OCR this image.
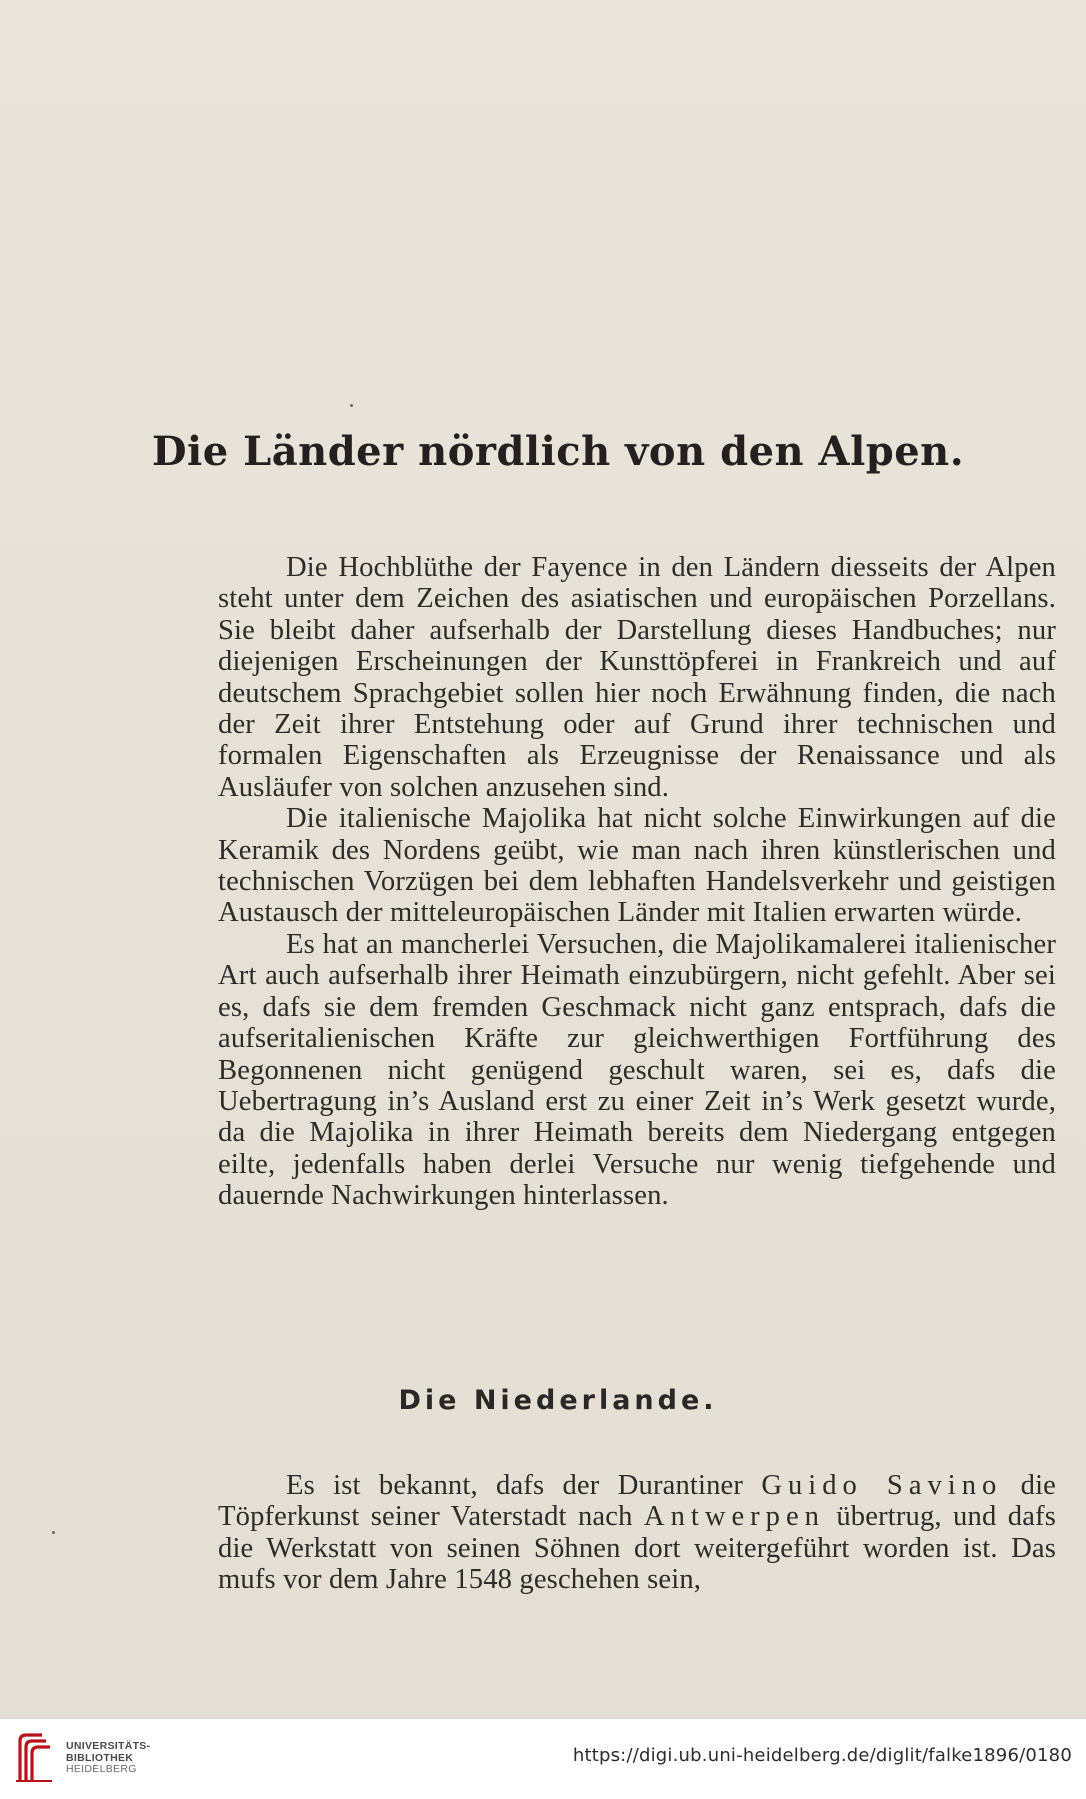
Die Länder nördlich von den Alpen.

Die Hochblüthe der Fayence in den Ländern diesseits der Alpen steht unter dem Zeichen des asiatischen und europäischen Porzellans. Sie bleibt daher aufserhalb der Darstellung dieses Handbuches; nur diejenigen Erscheinungen der Kunsttöpferei in Frankreich und auf deutschem Sprachgebiet sollen hier noch Erwähnung finden, die nach der Zeit ihrer Entstehung oder auf Grund ihrer technischen und formalen Eigenschaften als Erzeugnisse der Renaissance und als Ausläufer von solchen anzusehen sind.

Die italienische Majolika hat nicht solche Einwirkungen auf die Keramik des Nordens geübt, wie man nach ihren künstlerischen und technischen Vorzügen bei dem lebhaften Handelsverkehr und geistigen Austausch der mitteleuropäischen Länder mit Italien erwarten würde.

Es hat an mancherlei Versuchen, die Majolikamalerei italienischer Art auch aufserhalb ihrer Heimath einzubürgern, nicht gefehlt. Aber sei es, dafs sie dem fremden Geschmack nicht ganz entsprach, dafs die aufseritalienischen Kräfte zur gleichwerthigen Fortführung des Begonnenen nicht genügend geschult waren, sei es, dafs die Uebertragung in’s Ausland erst zu einer Zeit in’s Werk gesetzt wurde, da die Majolika in ihrer Heimath bereits dem Niedergang entgegen eilte, jedenfalls haben derlei Versuche nur wenig tiefgehende und dauernde Nachwirkungen hinterlassen.

Die Niederlande.

Es ist bekannt, dafs der Durantiner Guido Savino die Töpferkunst seiner Vaterstadt nach Antwerpen übertrug, und dafs die Werkstatt von seinen Söhnen dort weitergeführt worden ist. Das mufs vor dem Jahre 1548 geschehen sein,

UNIVERSITÄTS-
BIBLIOTHEK
HEIDELBERG
https://digi.ub.uni-heidelberg.de/diglit/falke1896/0180
